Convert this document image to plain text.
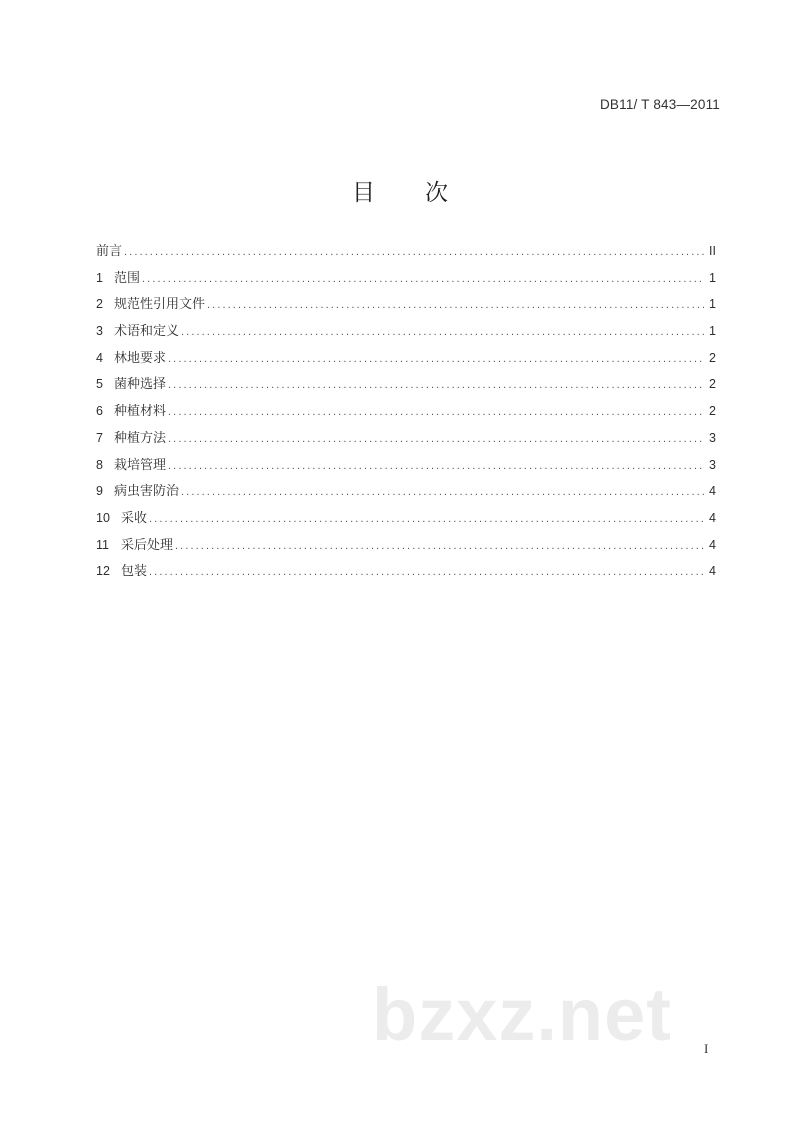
DB11/ T 843—2011
目 次
前言 .....	II
1 范围 .....	1
2 规范性引用文件 .....	1
3 术语和定义 .....	1
4 林地要求 .....	2
5 菌种选择 .....	2
6 种植材料 .....	2
7 种植方法 .....	3
8 栽培管理 .....	3
9 病虫害防治 .....	4
10 采收 .....	4
11 采后处理 .....	4
12 包装 .....	4
bzxz.net I
